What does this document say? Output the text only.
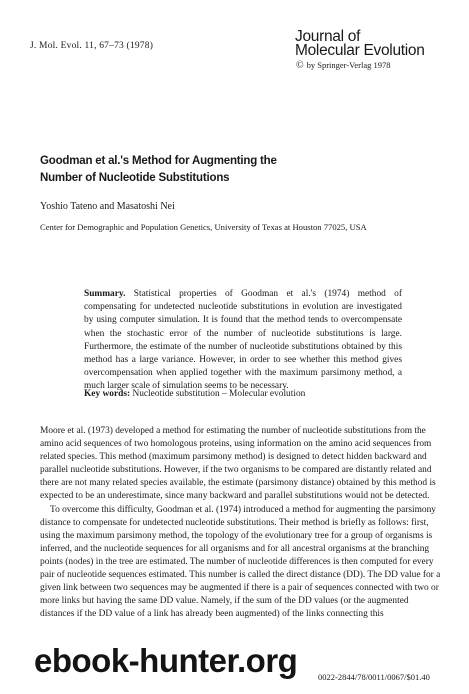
J. Mol. Evol. 11, 67–73 (1978)
Journal of
Molecular Evolution
© by Springer-Verlag 1978
Goodman et al.'s Method for Augmenting the
Number of Nucleotide Substitutions
Yoshio Tateno and Masatoshi Nei
Center for Demographic and Population Genetics, University of Texas at Houston 77025, USA
Summary. Statistical properties of Goodman et al.'s (1974) method of compensating for undetected nucleotide substitutions in evolution are investigated by using computer simulation. It is found that the method tends to overcompensate when the stochastic error of the number of nucleotide substitutions is large. Furthermore, the estimate of the number of nucleotide substitutions obtained by this method has a large variance. However, in order to see whether this method gives overcompensation when applied together with the maximum parsimony method, a much larger scale of simulation seems to be necessary.
Key words: Nucleotide substitution – Molecular evolution

Moore et al. (1973) developed a method for estimating the number of nucleotide substitutions from the amino acid sequences of two homologous proteins, using information on the amino acid sequences from related species. This method (maximum parsimony method) is designed to detect hidden backward and parallel nucleotide substitutions. However, if the two organisms to be compared are distantly related and there are not many related species available, the estimate (parsimony distance) obtained by this method is expected to be an underestimate, since many backward and parallel substitutions would not be detected.

To overcome this difficulty, Goodman et al. (1974) introduced a method for augmenting the parsimony distance to compensate for undetected nucleotide substitutions. Their method is briefly as follows: first, using the maximum parsimony method, the topology of the evolutionary tree for a group of organisms is inferred, and the nucleotide sequences for all organisms and for all ancestral organisms at the branching points (nodes) in the tree are estimated. The number of nucleotide differences is then computed for every pair of nucleotide sequences estimated. This number is called the direct distance (DD). The DD value for a given link between two sequences may be augmented if there is a pair of sequences connected with two or more links but having the same DD value. Namely, if the sum of the DD values (or the augmented distances if the DD value of a link has already been augmented) of the links connecting this

0022-2844/78/0011/0067/$01.40
ebook-hunter.org
